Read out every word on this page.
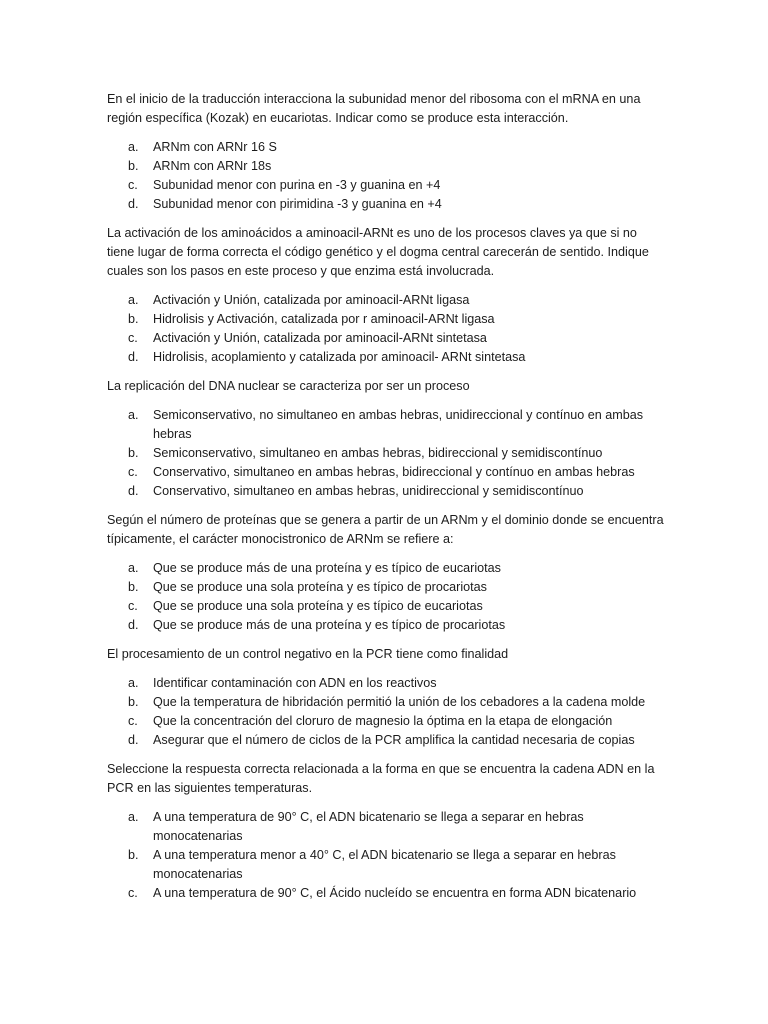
En el inicio de la traducción interacciona la subunidad menor del ribosoma con el mRNA en una región específica (Kozak) en eucariotas. Indicar como se produce esta interacción.

a.	ARNm con ARNr 16 S
b.	ARNm con ARNr 18s
c.	Subunidad menor con purina en -3 y guanina en +4
d.	Subunidad menor con pirimidina -3 y guanina en +4

La activación de los aminoácidos a aminoacil-ARNt es uno de los procesos claves ya que si no tiene lugar de forma correcta el código genético y el dogma central carecerán de sentido. Indique cuales son los pasos en este proceso y que enzima está involucrada.

a.	Activación y Unión, catalizada por aminoacil-ARNt ligasa
b.	Hidrolisis y Activación, catalizada por r aminoacil-ARNt ligasa
c.	Activación y Unión, catalizada por aminoacil-ARNt sintetasa
d.	Hidrolisis, acoplamiento y catalizada por aminoacil- ARNt sintetasa

La replicación del DNA nuclear se caracteriza por ser un proceso

a.	Semiconservativo, no simultaneo en ambas hebras, unidireccional y contínuo en ambas hebras
b.	Semiconservativo, simultaneo en ambas hebras, bidireccional y semidiscontínuo
c.	Conservativo, simultaneo en ambas hebras, bidireccional y contínuo en ambas hebras
d.	Conservativo, simultaneo en ambas hebras, unidireccional y semidiscontínuo

Según el número de proteínas que se genera a partir de un ARNm y el dominio donde se encuentra típicamente, el carácter monocistronico de ARNm se refiere a:

a.	Que se produce más de una proteína y es típico de eucariotas
b.	Que se produce una sola proteína y es típico de procariotas
c.	Que se produce una sola proteína y es típico de eucariotas
d.	Que se produce más de una proteína y es típico de procariotas

El procesamiento de un control negativo en la PCR tiene como finalidad

a.	Identificar contaminación con ADN en los reactivos
b.	Que la temperatura de hibridación permitió la unión de los cebadores a la cadena molde
c.	Que la concentración del cloruro de magnesio la óptima en la etapa de elongación
d.	Asegurar que el número de ciclos de la PCR amplifica la cantidad necesaria de copias

Seleccione la respuesta correcta relacionada a la forma en que se encuentra la cadena ADN en la PCR en las siguientes temperaturas.

a.	A una temperatura de 90° C, el ADN bicatenario se llega a separar en hebras monocatenarias
b.	A una temperatura menor a 40° C, el ADN bicatenario se llega a separar en hebras monocatenarias
c.	A una temperatura de 90° C, el Ácido nucleído se encuentra en forma ADN bicatenario
